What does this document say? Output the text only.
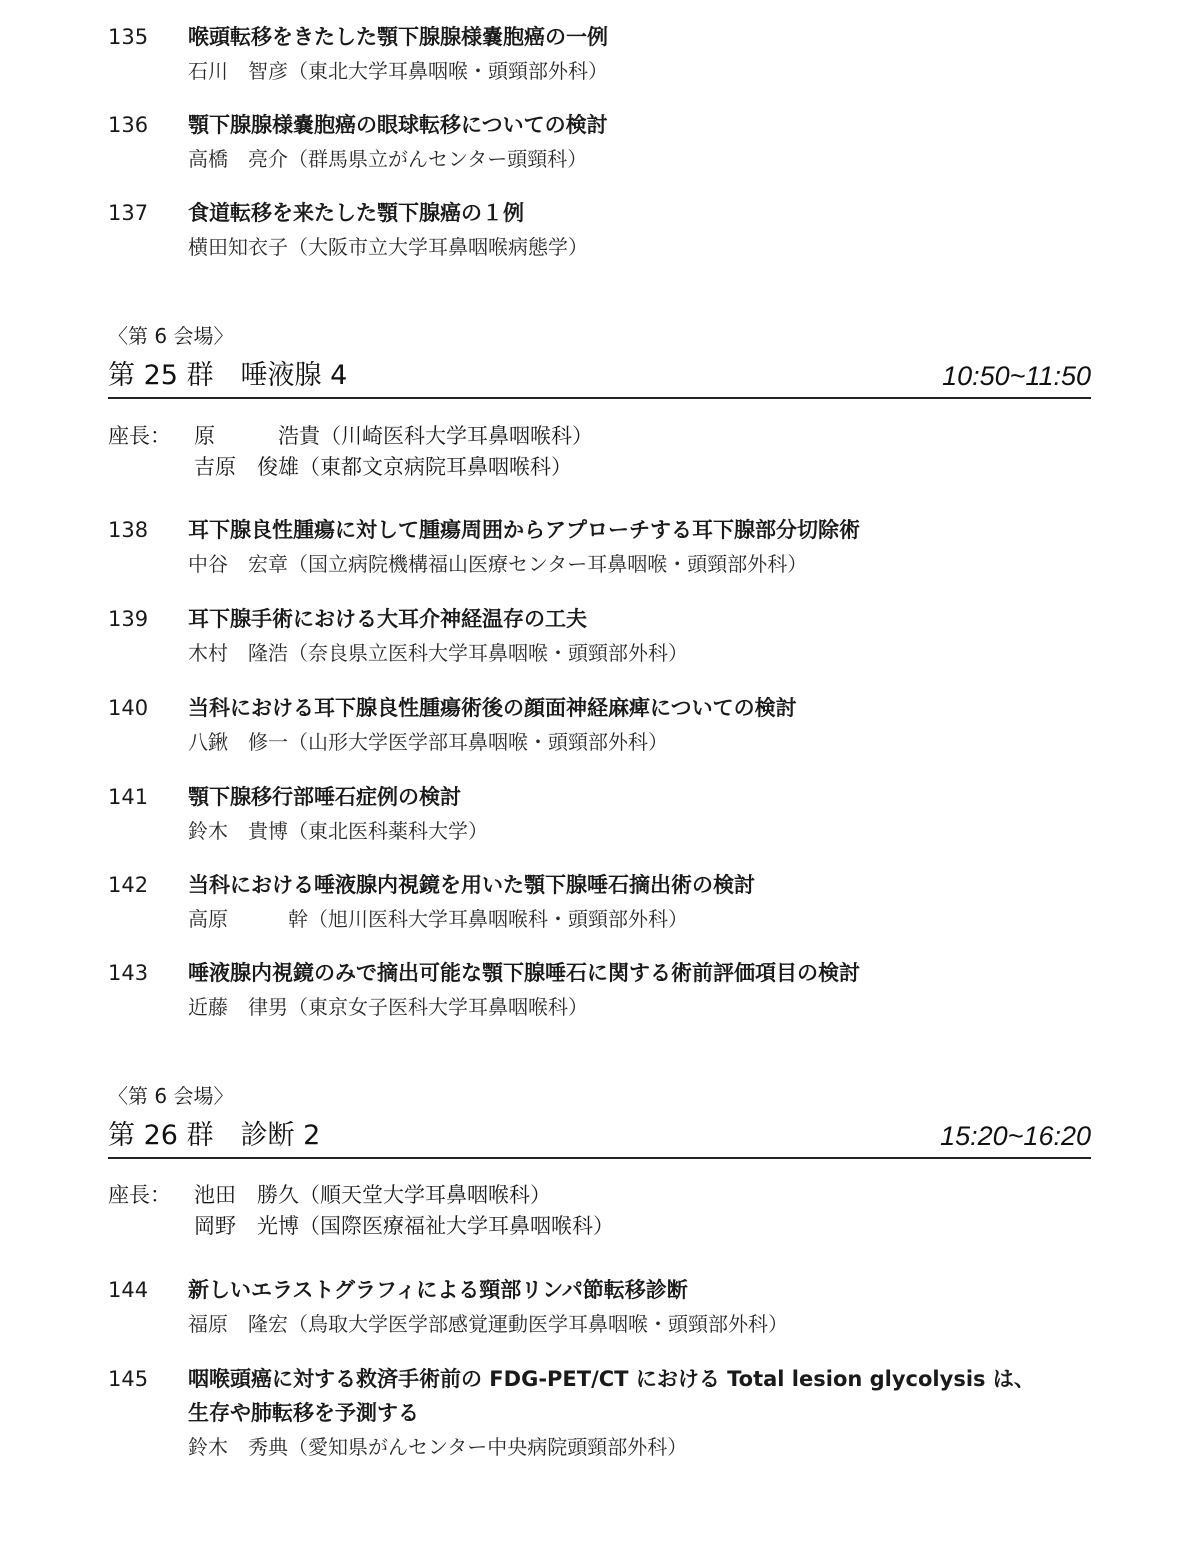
135 喉頭転移をきたした顎下腺腺様嚢胞癌の一例
石川　智彦（東北大学耳鼻咽喉・頭頸部外科）
136 顎下腺腺様嚢胞癌の眼球転移についての検討
高橋　亮介（群馬県立がんセンター頭頸科）
137 食道転移を来たした顎下腺癌の１例
横田知衣子（大阪市立大学耳鼻咽喉病態学）
〈第 6 会場〉
第 25 群　唾液腺 4	10:50~11:50
座長： 原　　　浩貴（川崎医科大学耳鼻咽喉科）
吉原　俊雄（東都文京病院耳鼻咽喉科）
138 耳下腺良性腫瘍に対して腫瘍周囲からアプローチする耳下腺部分切除術
中谷　宏章（国立病院機構福山医療センター耳鼻咽喉・頭頸部外科）
139 耳下腺手術における大耳介神経温存の工夫
木村　隆浩（奈良県立医科大学耳鼻咽喉・頭頸部外科）
140 当科における耳下腺良性腫瘍術後の顔面神経麻痺についての検討
八鍬　修一（山形大学医学部耳鼻咽喉・頭頸部外科）
141 顎下腺移行部唾石症例の検討
鈴木　貴博（東北医科薬科大学）
142 当科における唾液腺内視鏡を用いた顎下腺唾石摘出術の検討
高原　　　幹（旭川医科大学耳鼻咽喉科・頭頸部外科）
143 唾液腺内視鏡のみで摘出可能な顎下腺唾石に関する術前評価項目の検討
近藤　律男（東京女子医科大学耳鼻咽喉科）
〈第 6 会場〉
第 26 群　診断 2	15:20~16:20
座長： 池田　勝久（順天堂大学耳鼻咽喉科）
岡野　光博（国際医療福祉大学耳鼻咽喉科）
144 新しいエラストグラフィによる頸部リンパ節転移診断
福原　隆宏（鳥取大学医学部感覚運動医学耳鼻咽喉・頭頸部外科）
145 咽喉頭癌に対する救済手術前の FDG-PET/CT における Total lesion glycolysis は、
生存や肺転移を予測する
鈴木　秀典（愛知県がんセンター中央病院頭頸部外科）
